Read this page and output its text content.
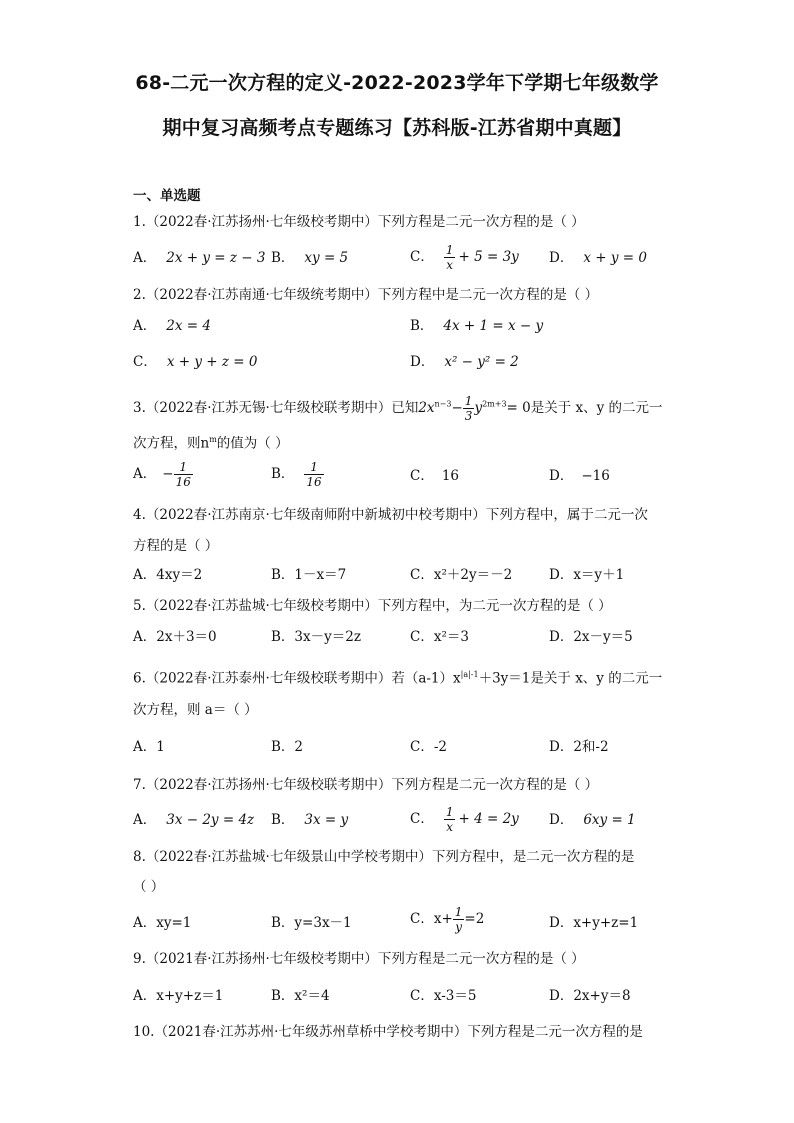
68-二元一次方程的定义-2022-2023学年下学期七年级数学
期中复习高频考点专题练习【苏科版-江苏省期中真题】
一、单选题
1.（2022春·江苏扬州·七年级校考期中）下列方程是二元一次方程的是（ ）
A． 2x + y = z − 3 B． xy = 5	C． $\frac{1}{x} + 5 = 3y$ D． x + y = 0
2.（2022春·江苏南通·七年级统考期中）下列方程中是二元一次方程的是（ ）
A． 2x = 4	B． 4x + 1 = x − y
C． x + y + z = 0	D． x² − y² = 2
3.（2022春·江苏无锡·七年级校联考期中）已知$2x^{n-3}- \frac{1}{3} y^{2m+3}= 0$是关于 x、y 的二元一
次方程，则$n^m$的值为（ ）
A． − $\frac{1}{16}$	B． $\frac{1}{16}$	C． 16	D． −16
4.（2022春·江苏南京·七年级南师附中新城初中校考期中）下列方程中，属于二元一次
方程的是（ ）
A．4xy＝2	B．1－x＝7	C．x²＋2y＝－2	D．x＝y＋1
5.（2022春·江苏盐城·七年级校考期中）下列方程中，为二元一次方程的是（ ）
A．2x＋3＝0	B．3x－y＝2z	C．x²＝3	D．2x－y＝5
6.（2022春·江苏泰州·七年级校联考期中）若$(a-1)x^{|a|-1}+3y=1$是关于 x、y 的二元一
次方程，则 a＝（ ）
A．1	B．2	C．-2	D．2和-2
7.（2022春·江苏扬州·七年级校联考期中）下列方程是二元一次方程的是（ ）
A． 3x − 2y = 4z B． 3x = y	C． $\frac{1}{x} + 4 = 2y$ D． 6xy = 1
8.（2022春·江苏盐城·七年级景山中学校考期中）下列方程中，是二元一次方程的是
（ ）
A．xy=1	B．y=3x－1	C．$x+ \frac{1}{y} =2$	D．x+y+z=1
9.（2021春·江苏扬州·七年级校考期中）下列方程是二元一次方程的是（ ）
A．x+y+z＝1	B．x²＝4	C．x-3＝5	D．2x+y＝8
10.（2021春·江苏苏州·七年级苏州草桥中学校考期中）下列方程是二元一次方程的是
